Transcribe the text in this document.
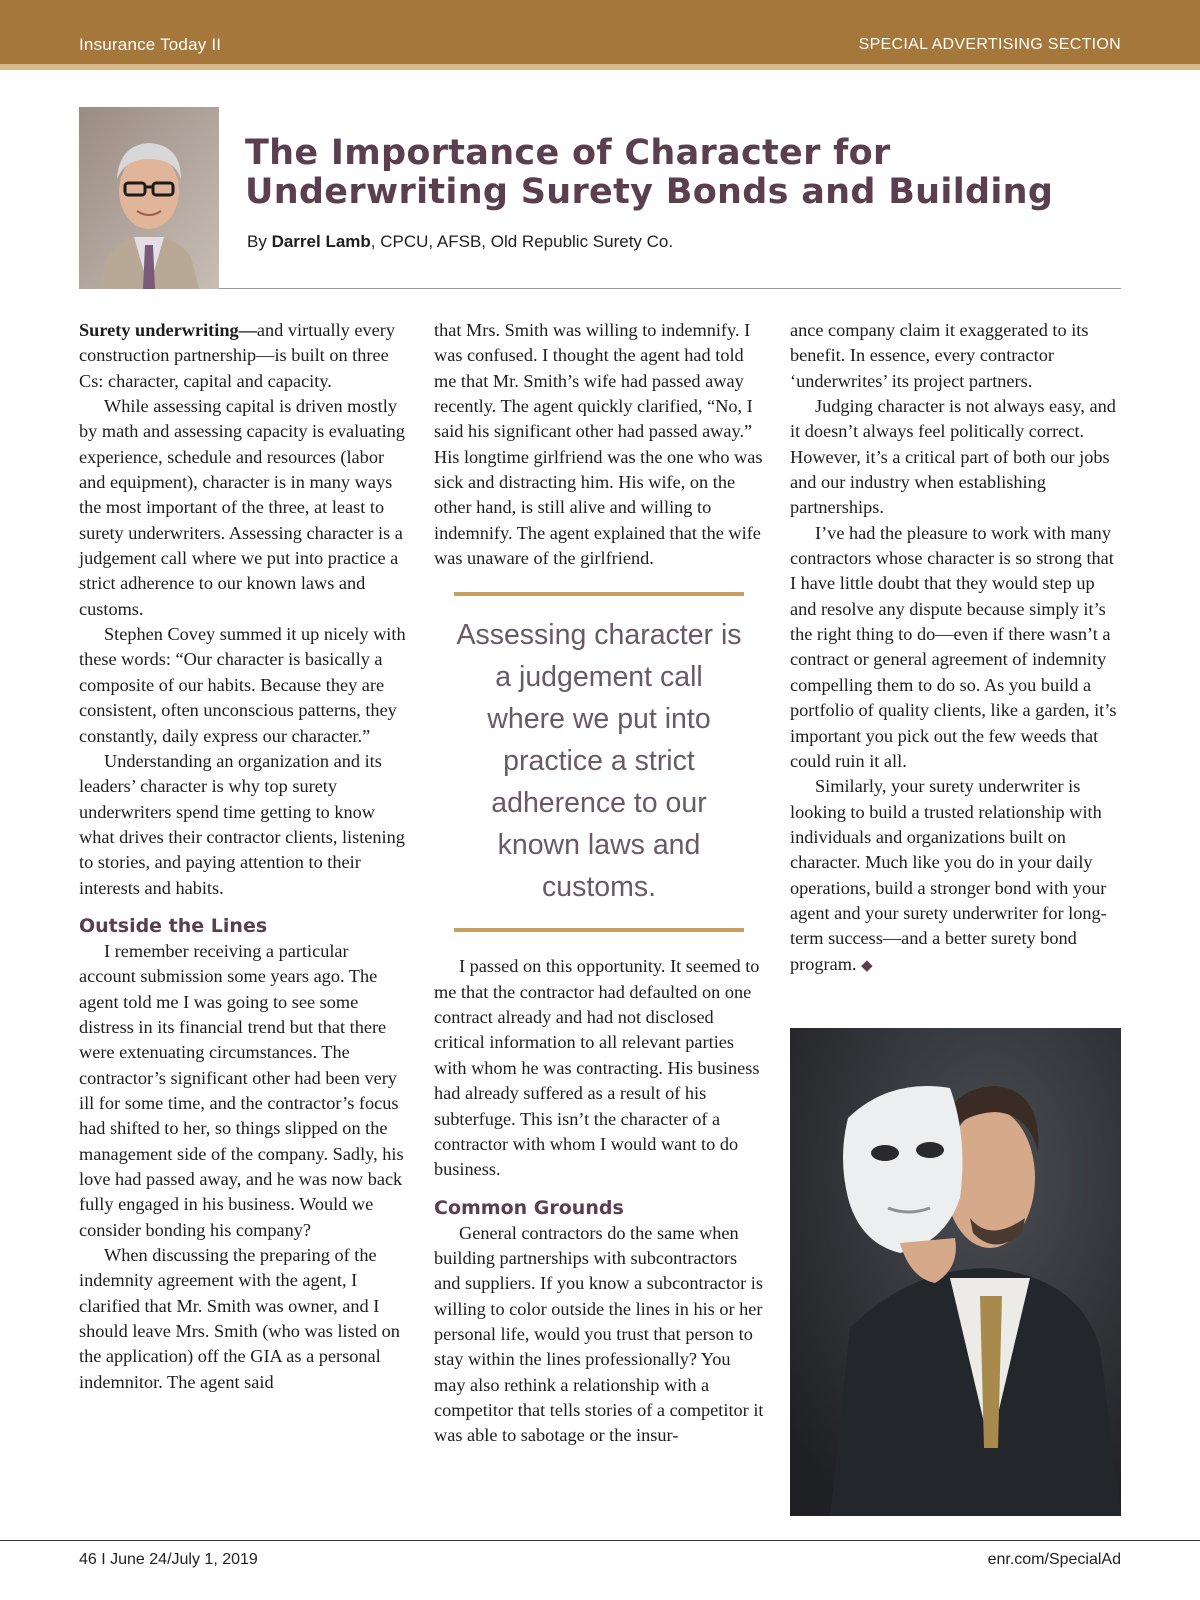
Insurance Today II	SPECIAL ADVERTISING SECTION
The Importance of Character for Underwriting Surety Bonds and Building
By Darrel Lamb, CPCU, AFSB, Old Republic Surety Co.

Surety underwriting—and virtually every construction partnership—is built on three Cs: character, capital and capacity.

While assessing capital is driven mostly by math and assessing capacity is evaluating experience, schedule and resources (labor and equipment), character is in many ways the most important of the three, at least to surety underwriters. Assessing character is a judgement call where we put into practice a strict adherence to our known laws and customs.

Stephen Covey summed it up nicely with these words: “Our character is basically a composite of our habits. Because they are consistent, often unconscious patterns, they constantly, daily express our character.”

Understanding an organization and its leaders’ character is why top surety underwriters spend time getting to know what drives their contractor clients, listening to stories, and paying attention to their interests and habits.

Outside the Lines

I remember receiving a particular account submission some years ago. The agent told me I was going to see some distress in its financial trend but that there were extenuating circumstances. The contractor’s significant other had been very ill for some time, and the contractor’s focus had shifted to her, so things slipped on the management side of the company. Sadly, his love had passed away, and he was now back fully engaged in his business. Would we consider bonding his company?

When discussing the preparing of the indemnity agreement with the agent, I clarified that Mr. Smith was owner, and I should leave Mrs. Smith (who was listed on the application) off the GIA as a personal indemnitor. The agent said

that Mrs. Smith was willing to indemnify. I was confused. I thought the agent had told me that Mr. Smith’s wife had passed away recently. The agent quickly clarified, “No, I said his significant other had passed away.” His longtime girlfriend was the one who was sick and distracting him. His wife, on the other hand, is still alive and willing to indemnify. The agent explained that the wife was unaware of the girlfriend.

Assessing character is a judgement call where we put into practice a strict adherence to our known laws and customs.

I passed on this opportunity. It seemed to me that the contractor had defaulted on one contract already and had not disclosed critical information to all relevant parties with whom he was contracting. His business had already suffered as a result of his subterfuge. This isn’t the character of a contractor with whom I would want to do business.

Common Grounds

General contractors do the same when building partnerships with subcontractors and suppliers. If you know a subcontractor is willing to color outside the lines in his or her personal life, would you trust that person to stay within the lines professionally? You may also rethink a relationship with a competitor that tells stories of a competitor it was able to sabotage or the insur-

ance company claim it exaggerated to its benefit. In essence, every contractor ‘underwrites’ its project partners.

Judging character is not always easy, and it doesn’t always feel politically correct. However, it’s a critical part of both our jobs and our industry when establishing partnerships.

I’ve had the pleasure to work with many contractors whose character is so strong that I have little doubt that they would step up and resolve any dispute because simply it’s the right thing to do—even if there wasn’t a contract or general agreement of indemnity compelling them to do so. As you build a portfolio of quality clients, like a garden, it’s important you pick out the few weeds that could ruin it all.

Similarly, your surety underwriter is looking to build a trusted relationship with individuals and organizations built on character. Much like you do in your daily operations, build a stronger bond with your agent and your surety underwriter for long-term success—and a better surety bond program. ◆

46 I June 24/July 1, 2019	enr.com/SpecialAd
